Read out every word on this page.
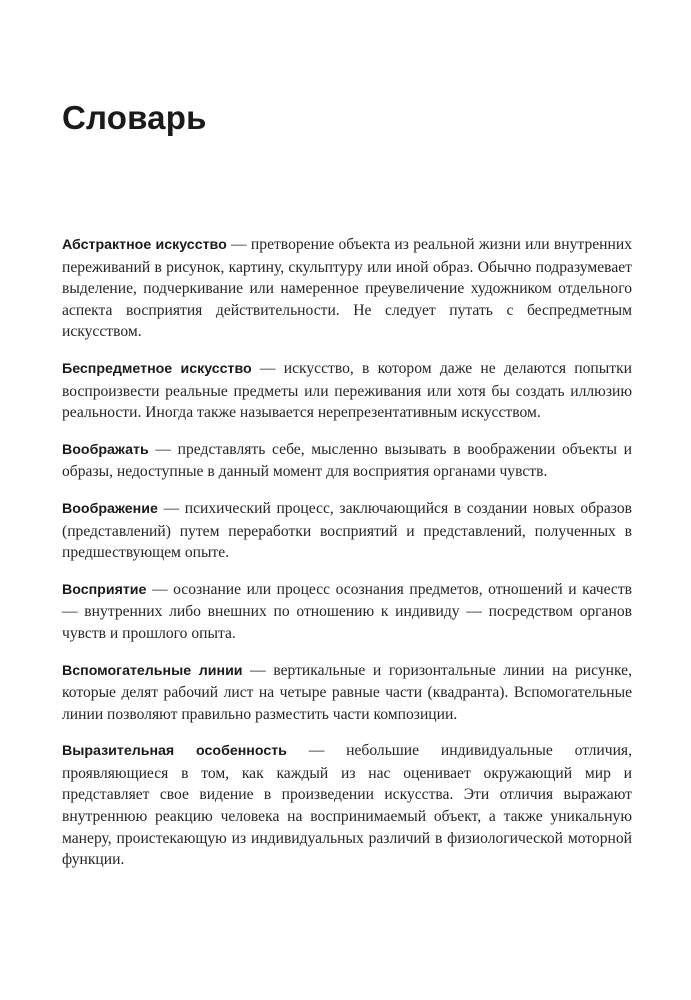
Словарь

Абстрактное искусство — претворение объекта из реальной жизни или внутренних переживаний в рисунок, картину, скульптуру или иной образ. Обычно подразумевает выделение, подчеркивание или намеренное преувеличение художником отдельного аспекта восприятия действительности. Не следует путать с беспредметным искусством.

Беспредметное искусство — искусство, в котором даже не делаются попытки воспроизвести реальные предметы или переживания или хотя бы создать иллюзию реальности. Иногда также называется нерепрезентативным искусством.

Воображать — представлять себе, мысленно вызывать в воображении объекты и образы, недоступные в данный момент для восприятия органами чувств.

Воображение — психический процесс, заключающийся в создании новых образов (представлений) путем переработки восприятий и представлений, полученных в предшествующем опыте.

Восприятие — осознание или процесс осознания предметов, отношений и качеств — внутренних либо внешних по отношению к индивиду — посредством органов чувств и прошлого опыта.

Вспомогательные линии — вертикальные и горизонтальные линии на рисунке, которые делят рабочий лист на четыре равные части (квадранта). Вспомогательные линии позволяют правильно разместить части композиции.

Выразительная особенность — небольшие индивидуальные отличия, проявляющиеся в том, как каждый из нас оценивает окружающий мир и представляет свое видение в произведении искусства. Эти отличия выражают внутреннюю реакцию человека на воспринимаемый объект, а также уникальную манеру, проистекающую из индивидуальных различий в физиологической моторной функции.
